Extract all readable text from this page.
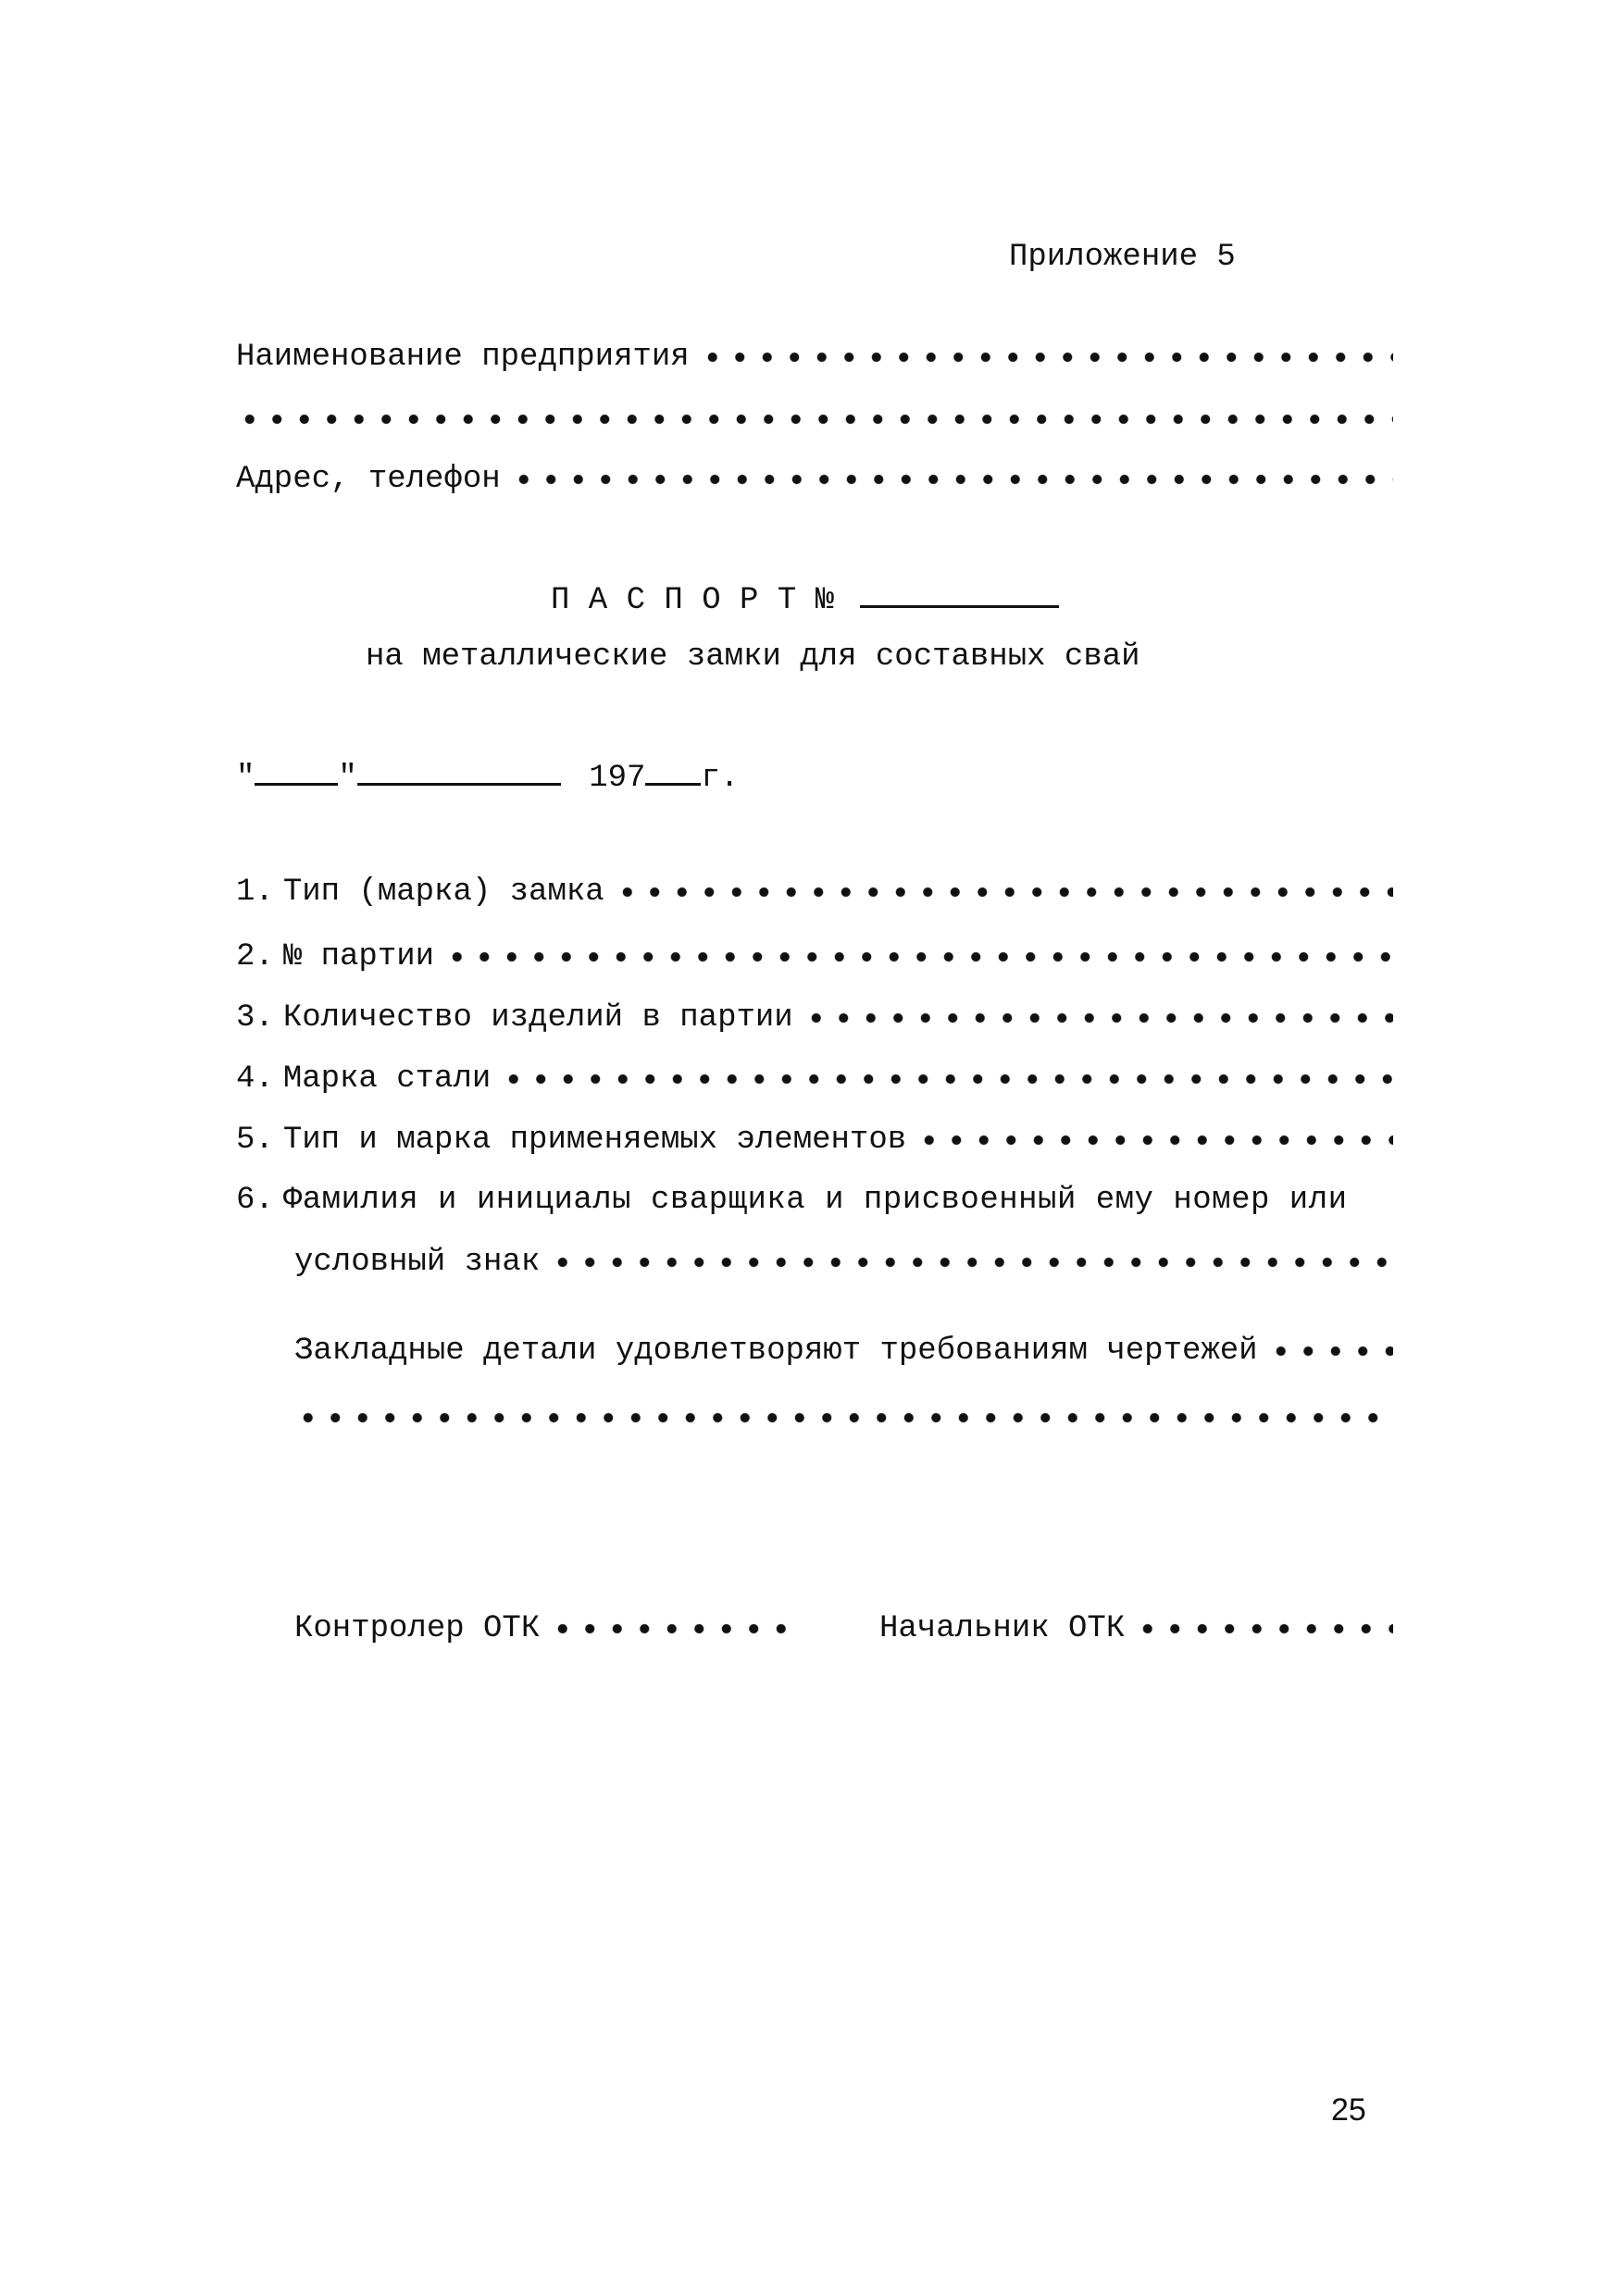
Приложение 5
Наименование предприятия
Адрес, телефон
П А С П О Р Т №
на металлические замки для составных свай
"	"	197 г.
1. Тип (марка) замка
2. № партии
3. Количество изделий в партии
4. Марка стали
5. Тип и марка применяемых элементов
6. Фамилия и инициалы сварщика и присвоенный ему номер или
условный знак
Закладные детали удовлетворяют требованиям чертежей
Контролер ОТК	Начальник ОТК
25
